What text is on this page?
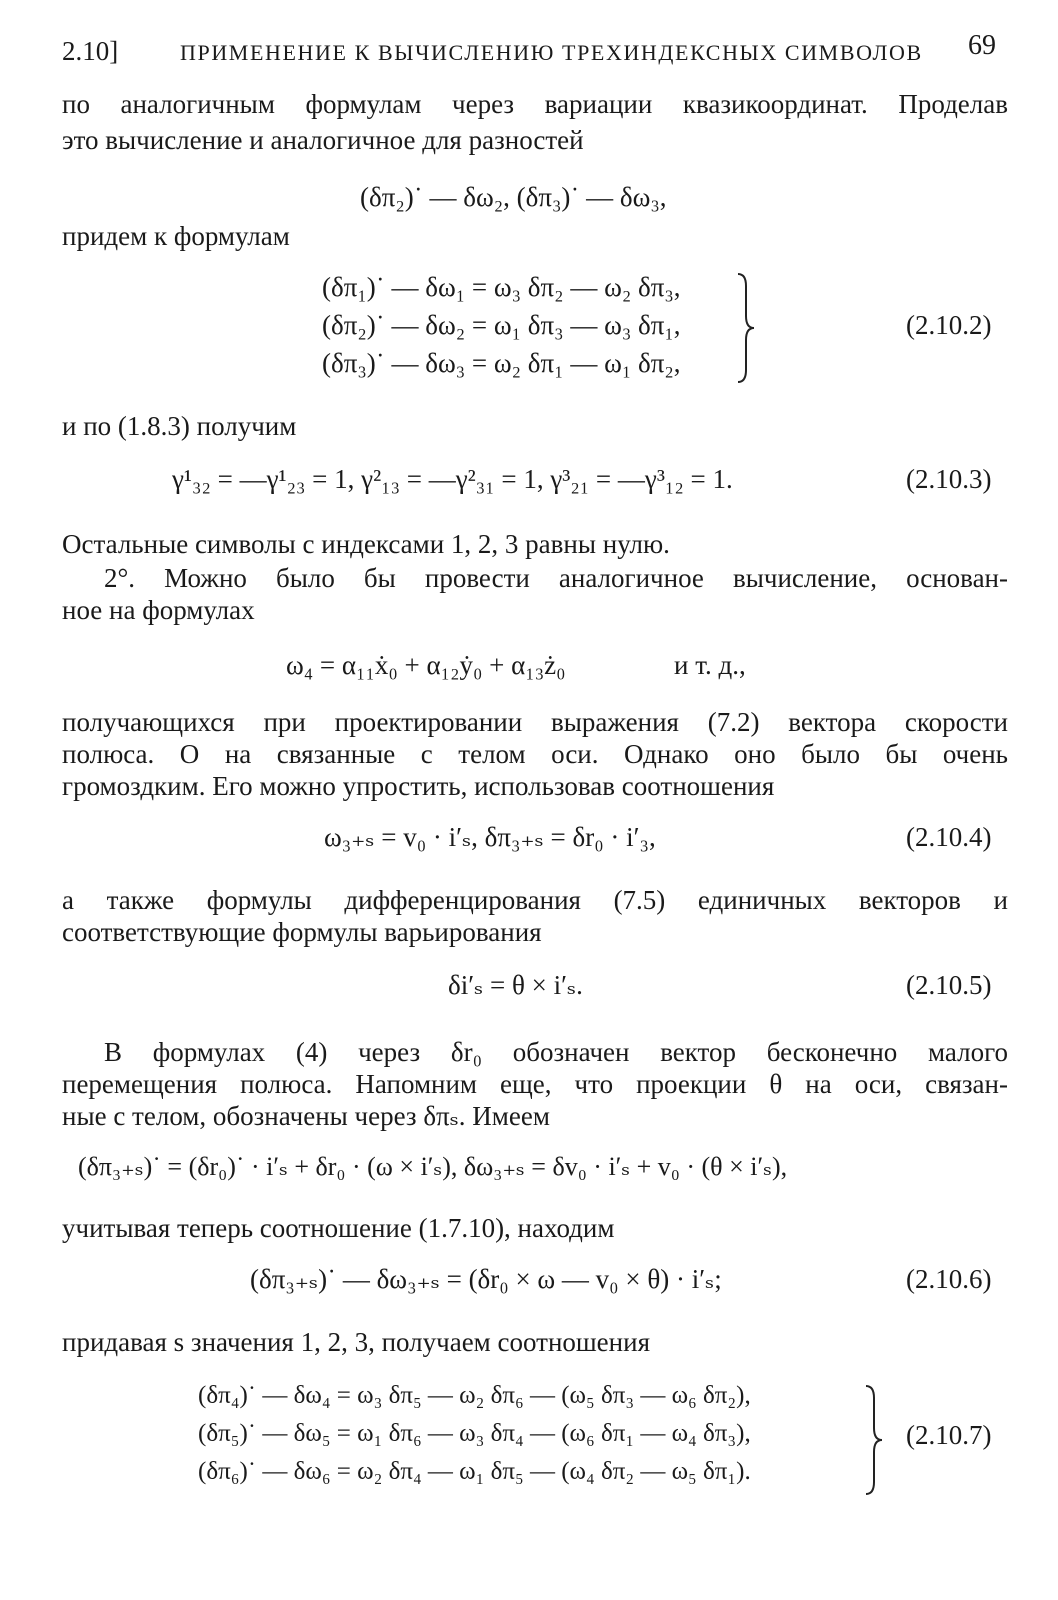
2.10]	ПРИМЕНЕНИЕ К ВЫЧИСЛЕНИЮ ТРЕХИНДЕКСНЫХ СИМВОЛОВ 69
по аналогичным формулам через вариации квазикоординат. Проделав
это вычисление и аналогичное для разностей
(δπ₂)˙ — δω₂, (δπ₃)˙ — δω₃,
придем к формулам
(δπ₁)˙ — δω₁ = ω₃ δπ₂ — ω₂ δπ₃,
(δπ₂)˙ — δω₂ = ω₁ δπ₃ — ω₃ δπ₁,
(δπ₃)˙ — δω₃ = ω₂ δπ₁ — ω₁ δπ₂,
(2.10.2)
и по (1.8.3) получим
γ¹₃₂ = —γ¹₂₃ = 1, γ²₁₃ = —γ²₃₁ = 1, γ³₂₁ = —γ³₁₂ = 1.	(2.10.3)
Остальные символы с индексами 1, 2, 3 равны нулю.
2°. Можно было бы провести аналогичное вычисление, основан-
ное на формулах
ω₄ = α₁₁ẋ₀ + α₁₂ẏ₀ + α₁₃ż₀	и т. д.,
получающихся при проектировании выражения (7.2) вектора скорости
полюса. O на связанные с телом оси. Однако оно было бы очень
громоздким. Его можно упростить, использовав соотношения
ω₃₊ₛ = v₀ · i′ₛ, δπ₃₊ₛ = δr₀ · i′₃,	(2.10.4)
а также формулы дифференцирования (7.5) единичных векторов и
соответствующие формулы варьирования
δi′ₛ = θ × i′ₛ.	(2.10.5)
В формулах (4) через δr₀ обозначен вектор бесконечно малого
перемещения полюса. Напомним еще, что проекции θ на оси, связан-
ные с телом, обозначены через δπₛ. Имеем
(δπ₃₊ₛ)˙ = (δr₀)˙ · i′ₛ + δr₀ · (ω × i′ₛ), δω₃₊ₛ = δv₀ · i′ₛ + v₀ · (θ × i′ₛ),
учитывая теперь соотношение (1.7.10), находим
(δπ₃₊ₛ)˙ — δω₃₊ₛ = (δr₀ × ω — v₀ × θ) · i′ₛ;	(2.10.6)
придавая s значения 1, 2, 3, получаем соотношения
(δπ₄)˙ — δω₄ = ω₃ δπ₅ — ω₂ δπ₆ — (ω₅ δπ₃ — ω₆ δπ₂),
(δπ₅)˙ — δω₅ = ω₁ δπ₆ — ω₃ δπ₄ — (ω₆ δπ₁ — ω₄ δπ₃),
(δπ₆)˙ — δω₆ = ω₂ δπ₄ — ω₁ δπ₅ — (ω₄ δπ₂ — ω₅ δπ₁).
(2.10.7)
